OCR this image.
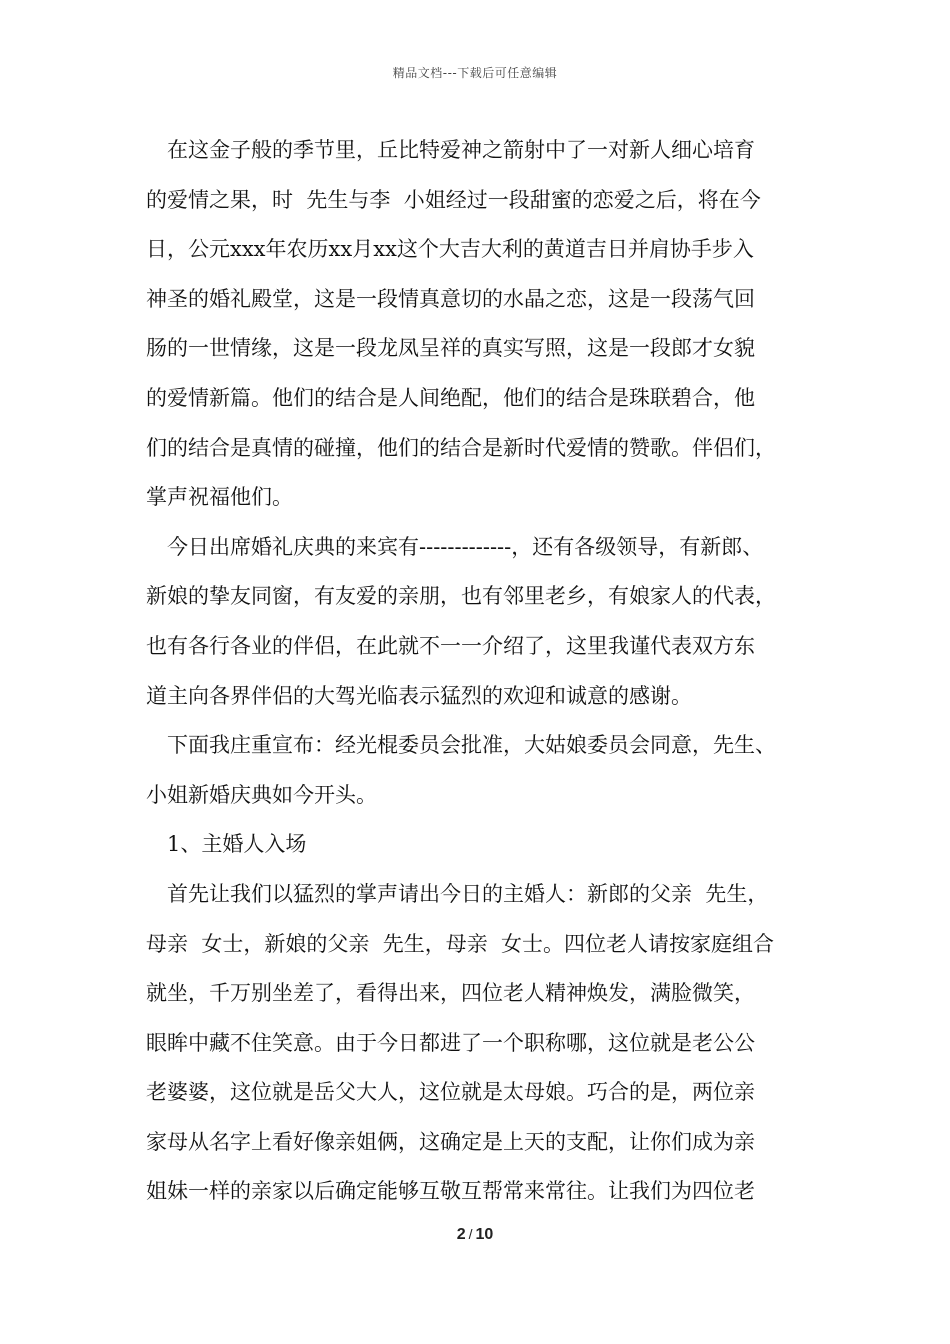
精品文档---下载后可任意编辑
在这金子般的季节里，丘比特爱神之箭射中了一对新人细心培育
的爱情之果，时  先生与李  小姐经过一段甜蜜的恋爱之后，将在今
日，公元xxx年农历xx月xx这个大吉大利的黄道吉日并肩协手步入
神圣的婚礼殿堂，这是一段情真意切的水晶之恋，这是一段荡气回
肠的一世情缘，这是一段龙凤呈祥的真实写照，这是一段郎才女貌
的爱情新篇。他们的结合是人间绝配，他们的结合是珠联碧合，他
们的结合是真情的碰撞，他们的结合是新时代爱情的赞歌。伴侣们，
掌声祝福他们。
今日出席婚礼庆典的来宾有-------------，还有各级领导，有新郎、
新娘的挚友同窗，有友爱的亲朋，也有邻里老乡，有娘家人的代表，
也有各行各业的伴侣，在此就不一一介绍了，这里我谨代表双方东
道主向各界伴侣的大驾光临表示猛烈的欢迎和诚意的感谢。
下面我庄重宣布：经光棍委员会批准，大姑娘委员会同意，先生、
小姐新婚庆典如今开头。
1、主婚人入场
首先让我们以猛烈的掌声请出今日的主婚人：新郎的父亲  先生，
母亲  女士，新娘的父亲  先生，母亲  女士。四位老人请按家庭组合
就坐，千万别坐差了，看得出来，四位老人精神焕发，满脸微笑，
眼眸中藏不住笑意。由于今日都进了一个职称哪，这位就是老公公
老婆婆，这位就是岳父大人，这位就是太母娘。巧合的是，两位亲
家母从名字上看好像亲姐俩，这确定是上天的支配，让你们成为亲
姐妹一样的亲家以后确定能够互敬互帮常来常往。让我们为四位老
2 / 10
